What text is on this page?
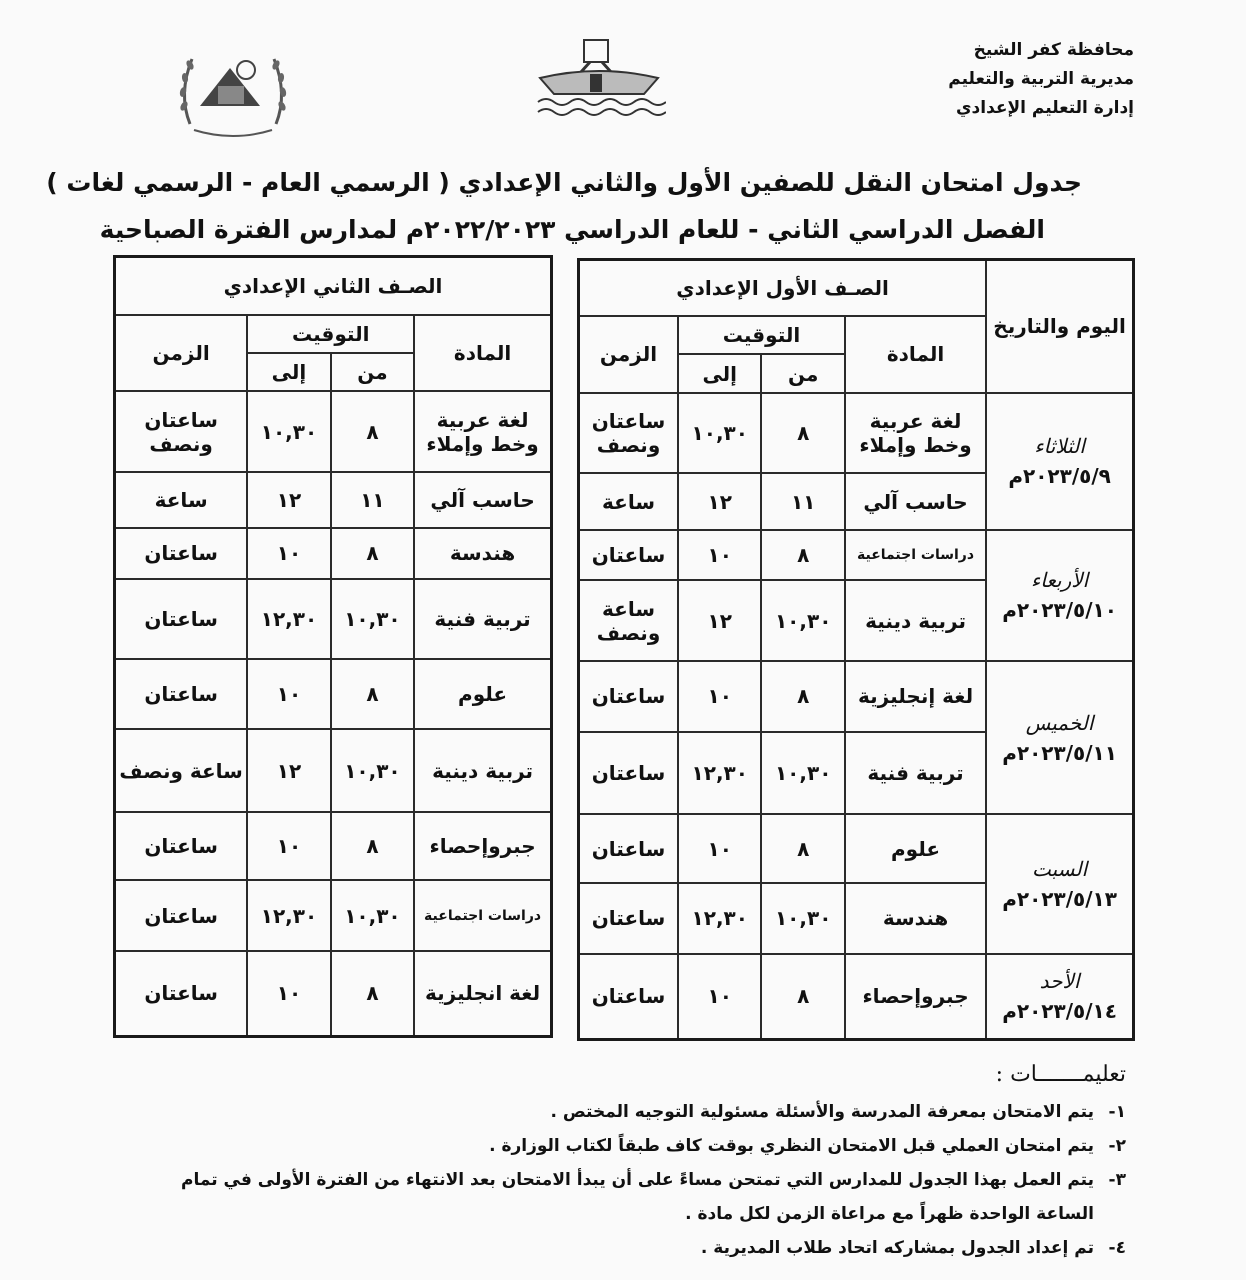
محافظة كفر الشيخ
مديرية التربية والتعليم
إدارة التعليم الإعدادي
جدول امتحان النقل للصفين الأول والثاني الإعدادي ( الرسمي العام - الرسمي لغات )
الفصل الدراسي الثاني - للعام الدراسي ٢٠٢٢/٢٠٢٣م لمدارس الفترة الصباحية
اليوم والتاريخ	الصـف الأول الإعدادي			
	المادة	التوقيت		الزمن
		من	إلى	

الثلاثاء
٢٠٢٣/٥/٩م	لغة عربية وخط وإملاء	٨	١٠,٣٠	ساعتان ونصف
	حاسب آلي	١١	١٢	ساعة

الأربعاء
٢٠٢٣/٥/١٠م	دراسات اجتماعية	٨	١٠	ساعتان
	تربية دينية	١٠,٣٠	١٢	ساعة ونصف

الخميس
٢٠٢٣/٥/١١م	لغة إنجليزية	٨	١٠	ساعتان
	تربية فنية	١٠,٣٠	١٢,٣٠	ساعتان

السبت
٢٠٢٣/٥/١٣م	علوم	٨	١٠	ساعتان
	هندسة	١٠,٣٠	١٢,٣٠	ساعتان

الأحد
٢٠٢٣/٥/١٤م	جبروإحصاء	٨	١٠	ساعتان
الصـف الثاني الإعدادي			
المادة	التوقيت		الزمن
	من	إلى	
لغة عربية وخط وإملاء	٨	١٠,٣٠	ساعتان ونصف
حاسب آلي	١١	١٢	ساعة
هندسة	٨	١٠	ساعتان
تربية فنية	١٠,٣٠	١٢,٣٠	ساعتان
علوم	٨	١٠	ساعتان
تربية دينية	١٠,٣٠	١٢	ساعة ونصف
جبروإحصاء	٨	١٠	ساعتان
دراسات اجتماعية	١٠,٣٠	١٢,٣٠	ساعتان
لغة انجليزية	٨	١٠	ساعتان
تعليمـــــــات :
١-يتم الامتحان بمعرفة المدرسة والأسئلة مسئولية التوجيه المختص .
٢-يتم امتحان العملي قبل الامتحان النظري بوقت كاف طبقاً لكتاب الوزارة .
٣-يتم العمل بهذا الجدول للمدارس التي تمتحن مساءً على أن يبدأ الامتحان بعد الانتهاء من الفترة الأولى في تمام
الساعة الواحدة ظهراً مع مراعاة الزمن لكل مادة .
٤-تم إعداد الجدول بمشاركه اتحاد طلاب المديرية .
